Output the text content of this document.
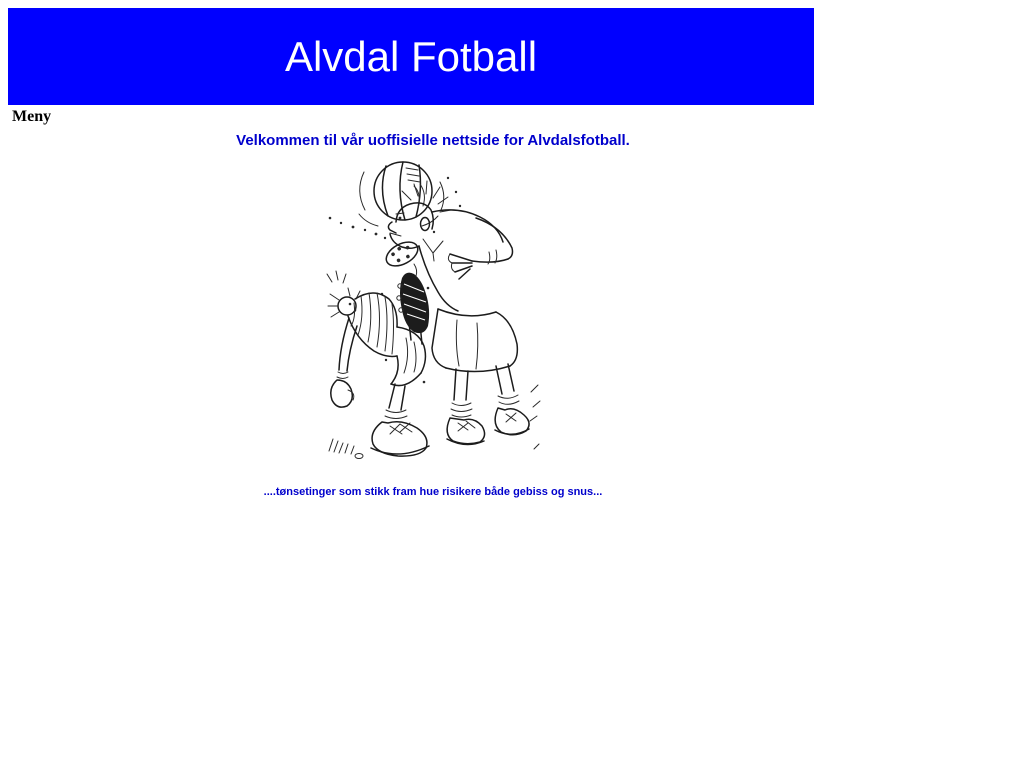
Alvdal Fotball
Meny
Velkommen til vår uoffisielle nettside for Alvdalsfotball.

....tønsetinger som stikk fram hue risikere både gebiss og snus...
